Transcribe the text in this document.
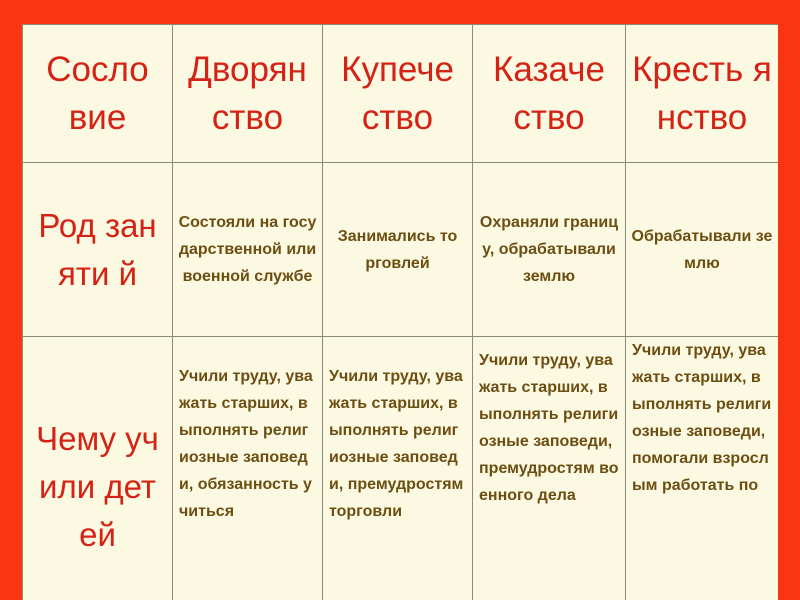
Сосло вие	Дворян ство	Купече ство	Казаче ство	Кресть янство

Род заняти й	Состояли на государственной или военной службе	Занимались торговлей	Охраняли границу, обрабатывали землю	Обрабатывали землю

Чему учили детей	Учили труду, уважать старших, выполнять религиозные заповеди, обязанность учиться	Учили труду, уважать старших, выполнять религиозные заповеди, премудростям торговли	Учили труду, уважать старших, выполнять религиозные заповеди, премудростям военного дела	Учили труду, уважать старших, выполнять религиозные заповеди, помогали взрослым работать по
